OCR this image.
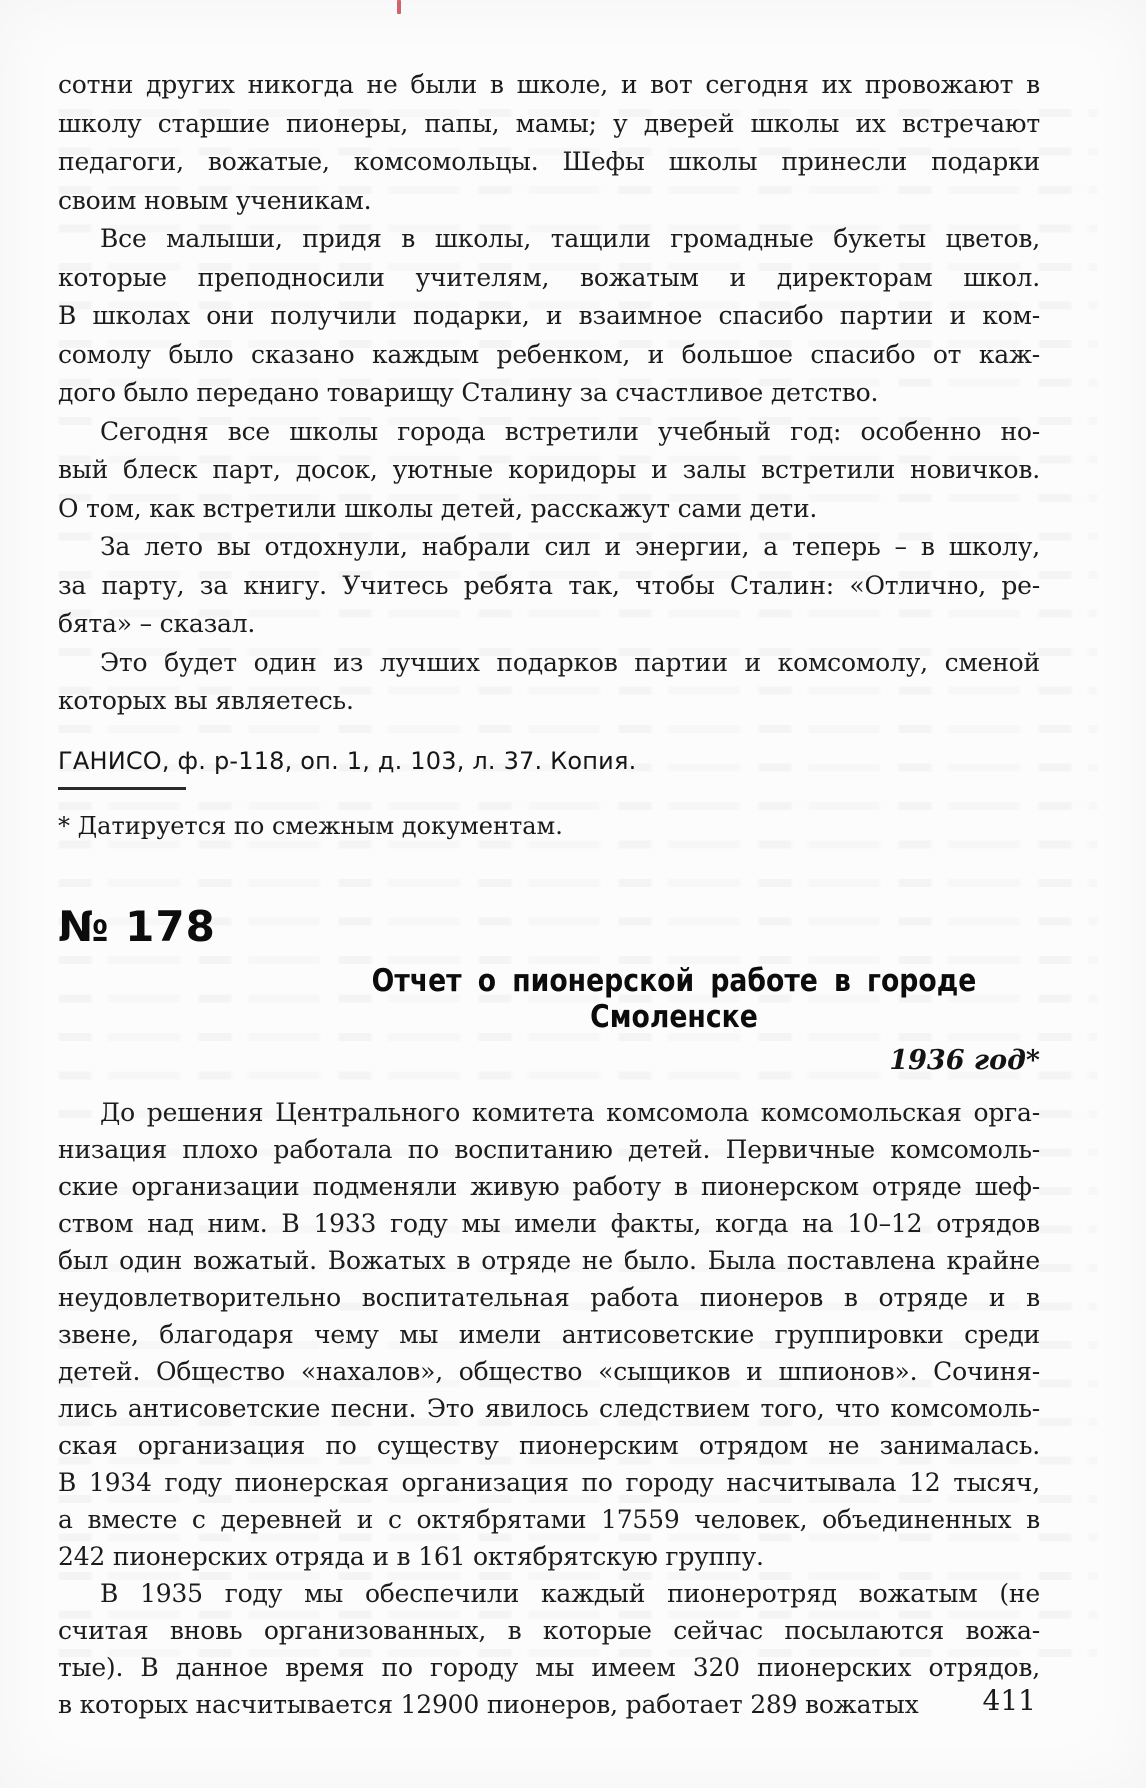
сотни других никогда не были в школе, и вот сегодня их провожают в
школу старшие пионеры, папы, мамы; у дверей школы их встречают
педагоги, вожатые, комсомольцы. Шефы школы принесли подарки
своим новым ученикам.
Все малыши, придя в школы, тащили громадные букеты цветов,
которые преподносили учителям, вожатым и директорам школ.
В школах они получили подарки, и взаимное спасибо партии и ком-
сомолу было сказано каждым ребенком, и большое спасибо от каж-
дого было передано товарищу Сталину за счастливое детство.
Сегодня все школы города встретили учебный год: особенно но-
вый блеск парт, досок, уютные коридоры и залы встретили новичков.
О том, как встретили школы детей, расскажут сами дети.
За лето вы отдохнули, набрали сил и энергии, а теперь – в школу,
за парту, за книгу. Учитесь ребята так, чтобы Сталин: «Отлично, ре-
бята» – сказал.
Это будет один из лучших подарков партии и комсомолу, сменой
которых вы являетесь.
ГАНИСО, ф. р-118, оп. 1, д. 103, л. 37. Копия.
* Датируется по смежным документам.
№ 178
Отчет о пионерской работе в городе Смоленске
1936 год*
До решения Центрального комитета комсомола комсомольская орга-
низация плохо работала по воспитанию детей. Первичные комсомоль-
ские организации подменяли живую работу в пионерском отряде шеф-
ством над ним. В 1933 году мы имели факты, когда на 10–12 отрядов
был один вожатый. Вожатых в отряде не было. Была поставлена крайне
неудовлетворительно воспитательная работа пионеров в отряде и в
звене, благодаря чему мы имели антисоветские группировки среди
детей. Общество «нахалов», общество «сыщиков и шпионов». Сочиня-
лись антисоветские песни. Это явилось следствием того, что комсомоль-
ская организация по существу пионерским отрядом не занималась.
В 1934 году пионерская организация по городу насчитывала 12 тысяч,
а вместе с деревней и с октябрятами 17559 человек, объединенных в
242 пионерских отряда и в 161 октябрятскую группу.
В 1935 году мы обеспечили каждый пионеротряд вожатым (не
считая вновь организованных, в которые сейчас посылаются вожа-
тые). В данное время по городу мы имеем 320 пионерских отрядов,
в которых насчитывается 12900 пионеров, работает 289 вожатых	411
